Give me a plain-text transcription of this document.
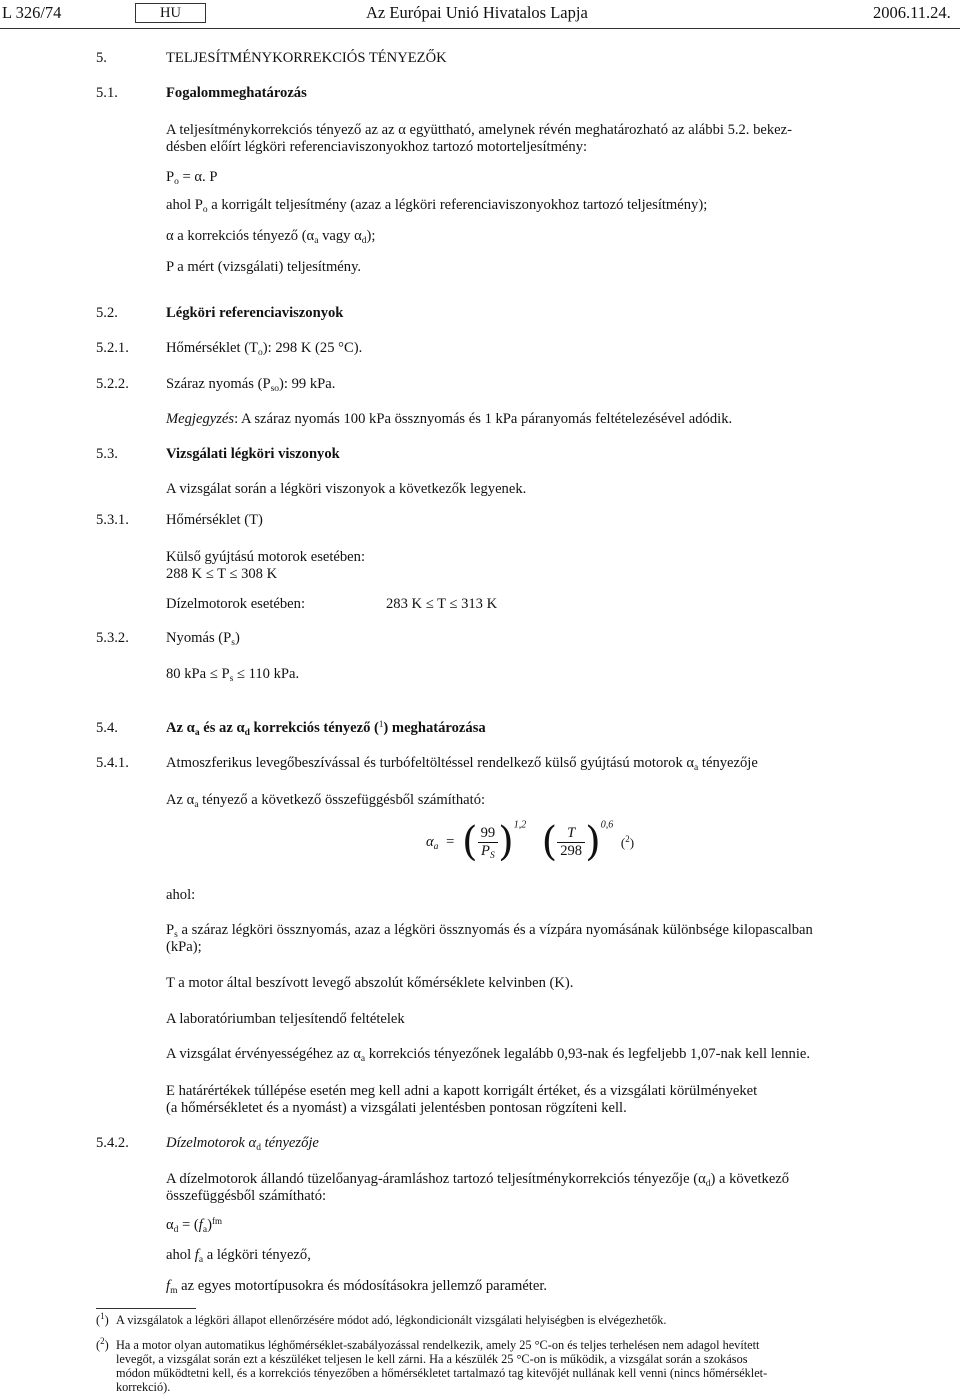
L 326/74	HU	Az Európai Unió Hivatalos Lapja	2006.11.24.
5.	TELJESÍTMÉNYKORREKCIÓS TÉNYEZŐK
5.1.	Fogalommeghatározás
A teljesítménykorrekciós tényező az az α együttható, amelynek révén meghatározható az alábbi 5.2. bekez-
désben előírt légköri referenciaviszonyokhoz tartozó motorteljesítmény:
$P_o = \alpha$. P
ahol $P_o$ a korrigált teljesítmény (azaz a légköri referenciaviszonyokhoz tartozó teljesítmény);
α a korrekciós tényező ($\alpha_a$ vagy $\alpha_d$);
P a mért (vizsgálati) teljesítmény.
5.2.	Légköri referenciaviszonyok
5.2.1.	Hőmérséklet $(T_o)$: 298 K (25 °C).
5.2.2.	Száraz nyomás $(P_{so})$: 99 kPa.
Megjegyzés: A száraz nyomás 100 kPa össznyomás és 1 kPa páranyomás feltételezésével adódik.
5.3.	Vizsgálati légköri viszonyok
A vizsgálat során a légköri viszonyok a következők legyenek.
5.3.1.	Hőmérséklet (T)
Külső gyújtású motorok esetében:
288 K ≤ T ≤ 308 K
Dízelmotorok esetében:	283 K ≤ T ≤ 313 K
5.3.2.	Nyomás $(P_s)$
80 kPa ≤ $P_s \le 110$ kPa.
5.4.	Az $\alpha_a$ és az $\alpha_d$ korrekciós tényező ($^1$) meghatározása
5.4.1.	Atmoszferikus levegőbeszívással és turbófeltöltéssel rendelkező külső gyújtású motorok $\alpha_a$ tényezője
Az $\alpha_a$ tényező a következő összefüggésből számítható:
$\alpha_a$ = ( $\frac{99}{P_S} )^{1,2}$ ( $\frac{T}{298} )^{0,6}$ ($^2$)
ahol:
$P_s$ a száraz légköri össznyomás, azaz a légköri össznyomás és a vízpára nyomásának különbsége kilopascalban
(kPa);
T a motor által beszívott levegő abszolút kőmérséklete kelvinben (K).
A laboratóriumban teljesítendő feltételek
A vizsgálat érvényességéhez az $\alpha_a$ korrekciós tényezőnek legalább 0,93-nak és legfeljebb 1,07-nak kell lennie.
E határértékek túllépése esetén meg kell adni a kapott korrigált értéket, és a vizsgálati körülményeket
(a hőmérsékletet és a nyomást) a vizsgálati jelentésben pontosan rögzíteni kell.
5.4.2.	Dízelmotorok $\alpha_d$ tényezője
A dízelmotorok állandó tüzelőanyag-áramláshoz tartozó teljesítménykorrekciós tényezője $(\alpha_d)$ a következő
összefüggésből számítható:
$\alpha_d = (f_a)^{fm}$
ahol $f_a$ a légköri tényező,
$f_m$ az egyes motortípusokra és módosításokra jellemző paraméter.
($^1$) A vizsgálatok a légköri állapot ellenőrzésére módot adó, légkondicionált vizsgálati helyiségben is elvégezhetők.
($^2$) Ha a motor olyan automatikus léghőmérséklet-szabályozással rendelkezik, amely 25 °C-on és teljes terhelésen nem adagol hevített
levegőt, a vizsgálat során ezt a készüléket teljesen le kell zárni. Ha a készülék 25 °C-on is működik, a vizsgálat során a szokásos
módon működtetni kell, és a korrekciós tényezőben a hőmérsékletet tartalmazó tag kitevőjét nullának kell venni (nincs hőmérséklet-
korrekció).
